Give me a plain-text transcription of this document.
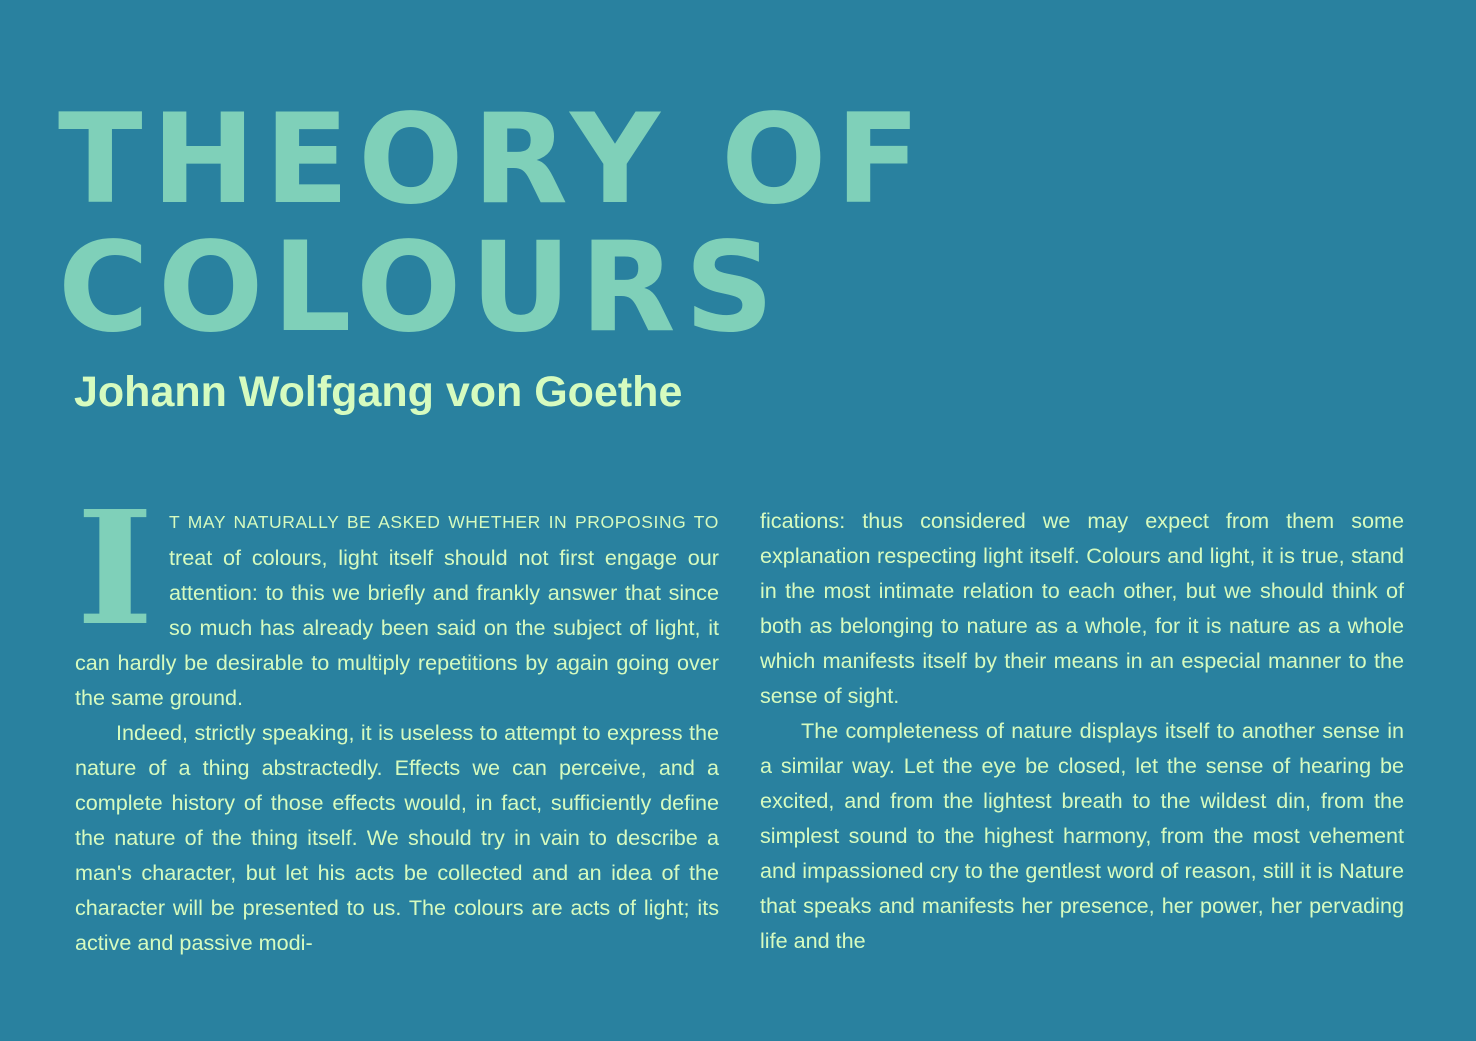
THEORY OF
COLOURS
Johann Wolfgang von Goethe

I T MAY NATURALLY BE ASKED WHETHER IN PROPOSING TO treat of colours, light itself should not first engage our attention: to this we briefly and frankly answer that since so much has already been said on the subject of light, it can hardly be desirable to multiply repetitions by again going over the same ground.

Indeed, strictly speaking, it is useless to attempt to express the nature of a thing abstractedly. Effects we can perceive, and a complete history of those effects would, in fact, sufficiently define the nature of the thing itself. We should try in vain to describe a man's character, but let his acts be collected and an idea of the character will be presented to us. The colours are acts of light; its active and passive modi-

fications: thus considered we may expect from them some explanation respecting light itself. Colours and light, it is true, stand in the most intimate relation to each other, but we should think of both as belonging to nature as a whole, for it is nature as a whole which manifests itself by their means in an especial manner to the sense of sight.

The completeness of nature displays itself to another sense in a similar way. Let the eye be closed, let the sense of hearing be excited, and from the lightest breath to the wildest din, from the simplest sound to the highest harmony, from the most vehement and impassioned cry to the gentlest word of reason, still it is Nature that speaks and manifests her presence, her power, her pervading life and the
